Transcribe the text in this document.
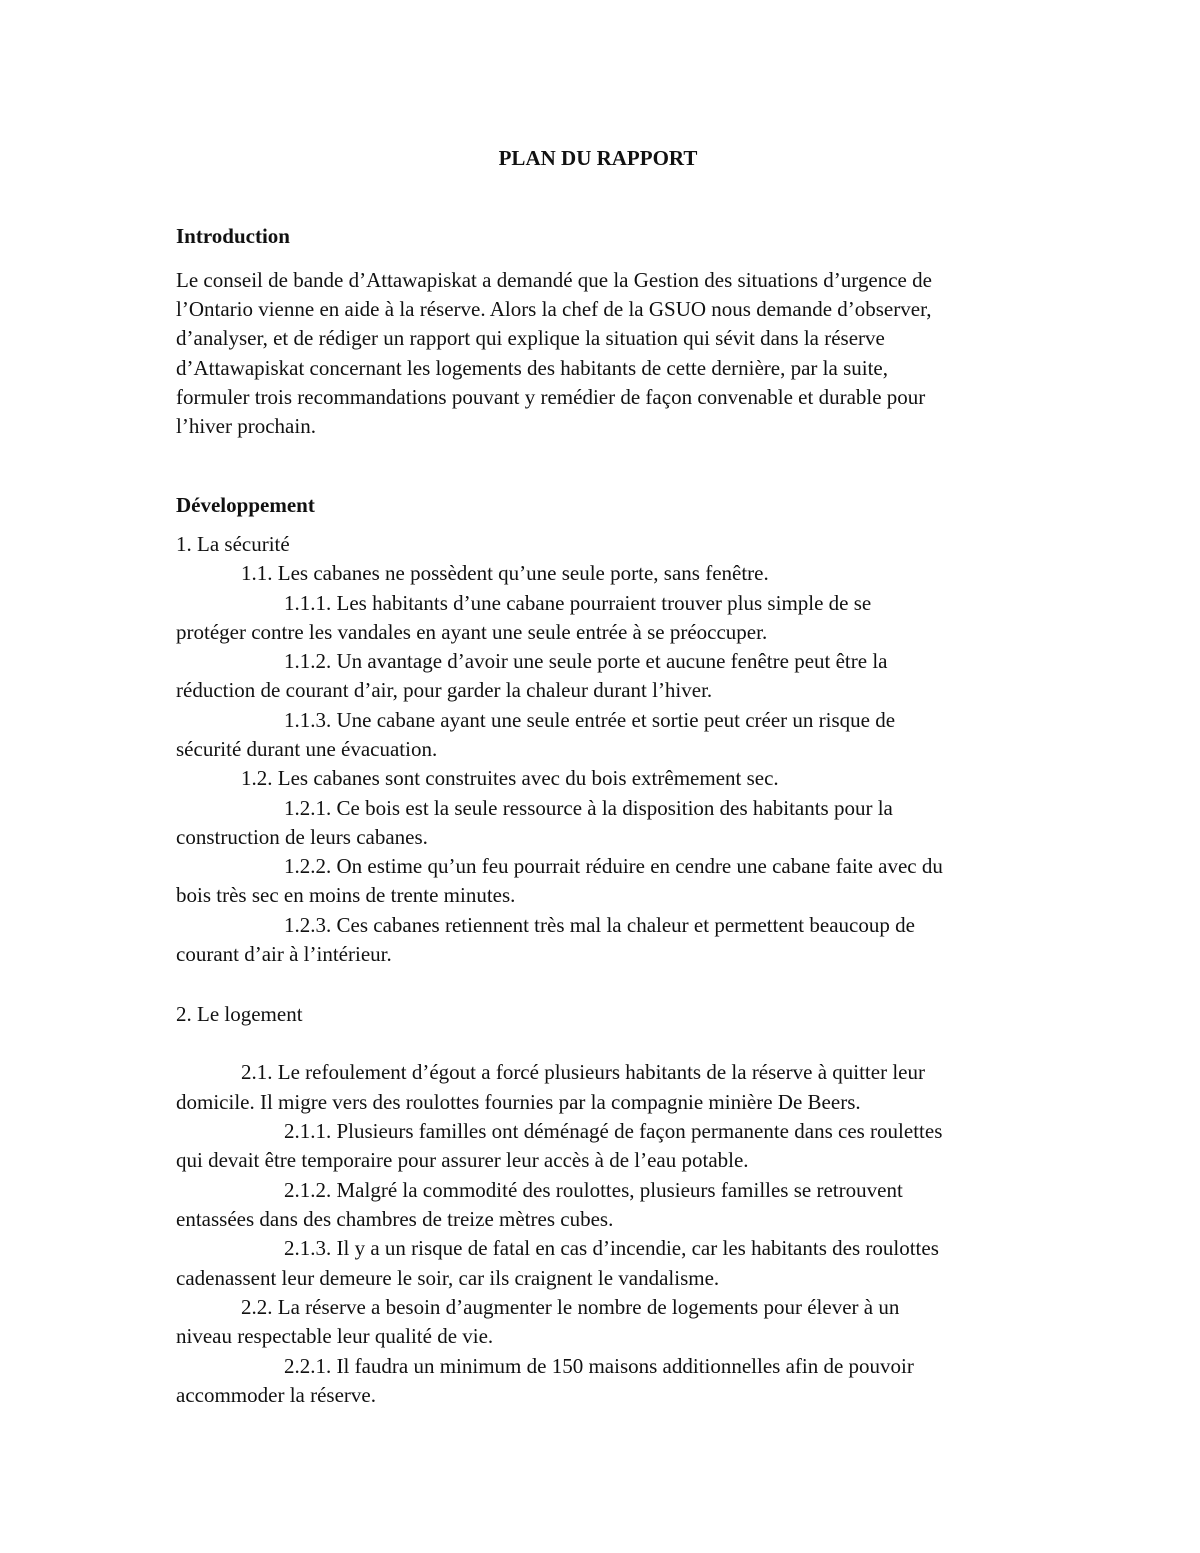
PLAN DU RAPPORT
Introduction
Le conseil de bande d’Attawapiskat a demandé que la Gestion des situations d’urgence de
l’Ontario vienne en aide à la réserve. Alors la chef de la GSUO nous demande d’observer,
d’analyser, et de rédiger un rapport qui explique la situation qui sévit dans la réserve
d’Attawapiskat concernant les logements des habitants de cette dernière, par la suite,
formuler trois recommandations pouvant y remédier de façon convenable et durable pour
l’hiver prochain.
Développement
1. La sécurité
1.1. Les cabanes ne possèdent qu’une seule porte, sans fenêtre.
1.1.1. Les habitants d’une cabane pourraient trouver plus simple de se
protéger contre les vandales en ayant une seule entrée à se préoccuper.
1.1.2. Un avantage d’avoir une seule porte et aucune fenêtre peut être la
réduction de courant d’air, pour garder la chaleur durant l’hiver.
1.1.3. Une cabane ayant une seule entrée et sortie peut créer un risque de
sécurité durant une évacuation.
1.2. Les cabanes sont construites avec du bois extrêmement sec.
1.2.1. Ce bois est la seule ressource à la disposition des habitants pour la
construction de leurs cabanes.
1.2.2. On estime qu’un feu pourrait réduire en cendre une cabane faite avec du
bois très sec en moins de trente minutes.
1.2.3. Ces cabanes retiennent très mal la chaleur et permettent beaucoup de
courant d’air à l’intérieur.
2. Le logement
2.1. Le refoulement d’égout a forcé plusieurs habitants de la réserve à quitter leur
domicile. Il migre vers des roulottes fournies par la compagnie minière De Beers.
2.1.1. Plusieurs familles ont déménagé de façon permanente dans ces roulettes
qui devait être temporaire pour assurer leur accès à de l’eau potable.
2.1.2. Malgré la commodité des roulottes, plusieurs familles se retrouvent
entassées dans des chambres de treize mètres cubes.
2.1.3. Il y a un risque de fatal en cas d’incendie, car les habitants des roulottes
cadenassent leur demeure le soir, car ils craignent le vandalisme.
2.2. La réserve a besoin d’augmenter le nombre de logements pour élever à un
niveau respectable leur qualité de vie.
2.2.1. Il faudra un minimum de 150 maisons additionnelles afin de pouvoir
accommoder la réserve.
